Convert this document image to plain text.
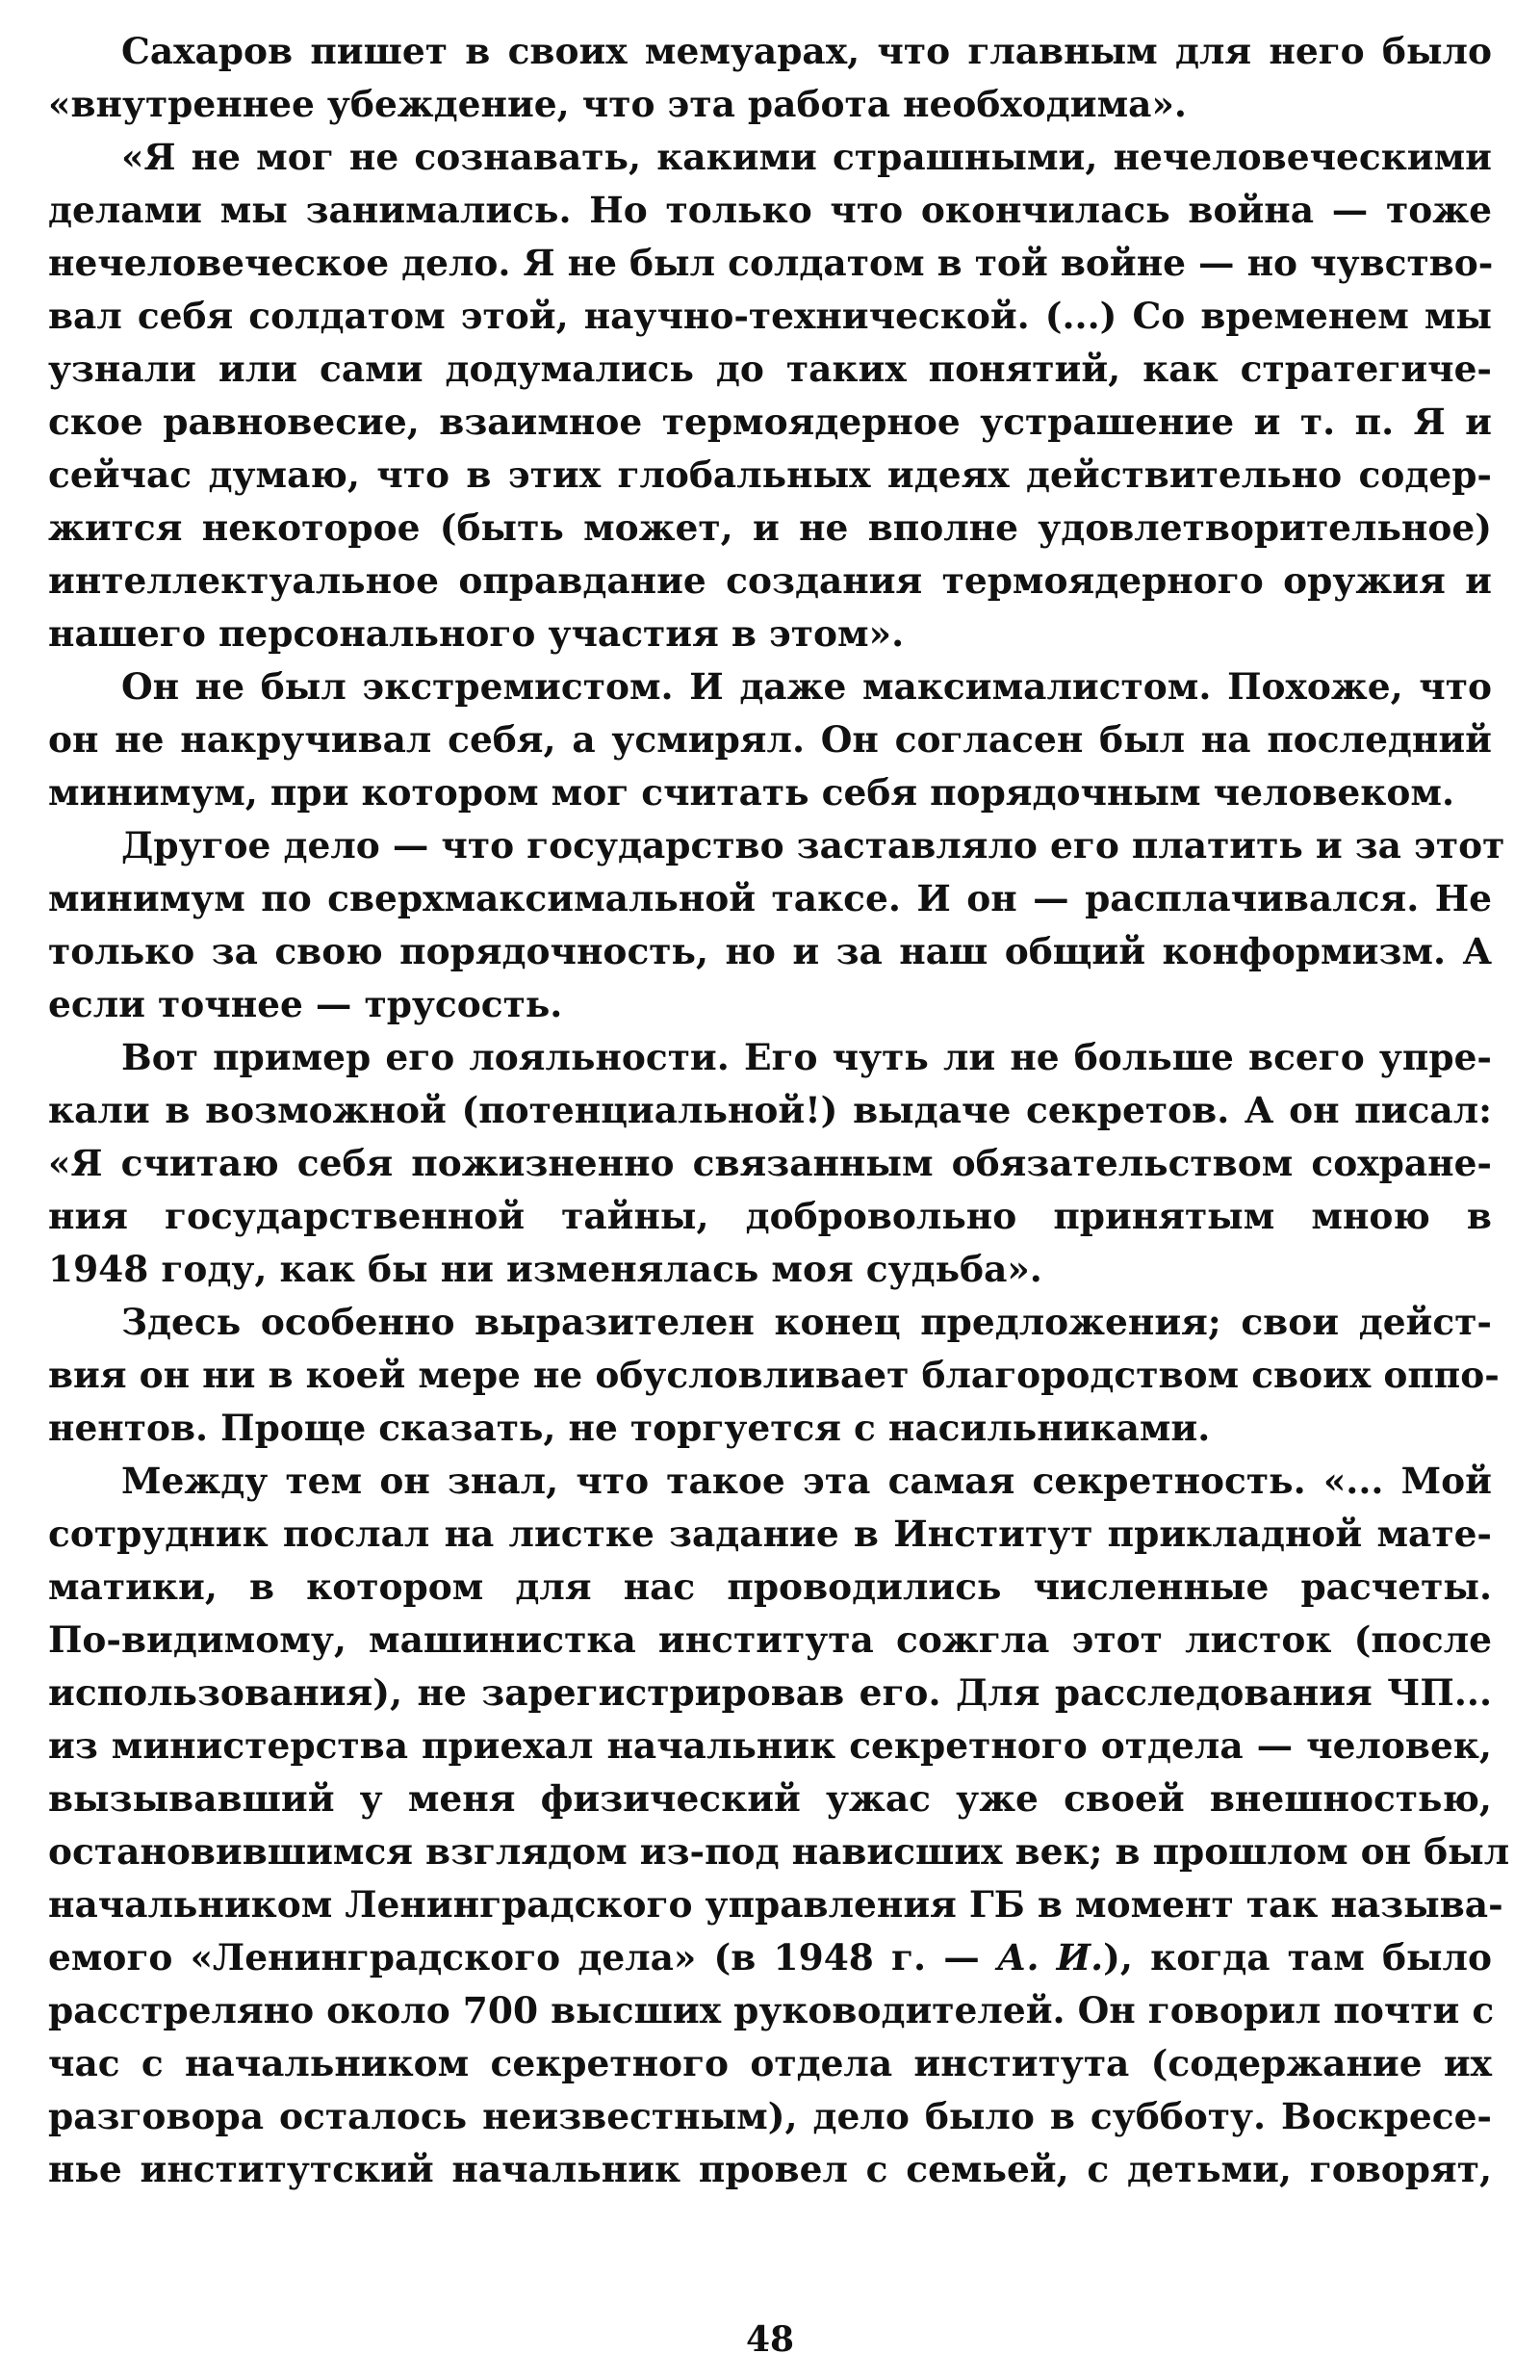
Сахаров пишет в своих мемуарах, что главным для него было
«внутреннее убеждение, что эта работа необходима».
«Я не мог не сознавать, какими страшными, нечеловеческими
делами мы занимались. Но только что окончилась война — тоже
нечеловеческое дело. Я не был солдатом в той войне — но чувство-
вал себя солдатом этой, научно-технической. (...) Со временем мы
узнали или сами додумались до таких понятий, как стратегиче-
ское равновесие, взаимное термоядерное устрашение и т. п. Я и
сейчас думаю, что в этих глобальных идеях действительно содер-
жится некоторое (быть может, и не вполне удовлетворительное)
интеллектуальное оправдание создания термоядерного оружия и
нашего персонального участия в этом».
Он не был экстремистом. И даже максималистом. Похоже, что
он не накручивал себя, а усмирял. Он согласен был на последний
минимум, при котором мог считать себя порядочным человеком.
Другое дело — что государство заставляло его платить и за этот
минимум по сверхмаксимальной таксе. И он — расплачивался. Не
только за свою порядочность, но и за наш общий конформизм. А
если точнее — трусость.
Вот пример его лояльности. Его чуть ли не больше всего упре-
кали в возможной (потенциальной!) выдаче секретов. А он писал:
«Я считаю себя пожизненно связанным обязательством сохране-
ния государственной тайны, добровольно принятым мною в
1948 году, как бы ни изменялась моя судьба».
Здесь особенно выразителен конец предложения; свои дейст-
вия он ни в коей мере не обусловливает благородством своих оппо-
нентов. Проще сказать, не торгуется с насильниками.
Между тем он знал, что такое эта самая секретность. «... Мой
сотрудник послал на листке задание в Институт прикладной мате-
матики, в котором для нас проводились численные расчеты.
По-видимому, машинистка института сожгла этот листок (после
использования), не зарегистрировав его. Для расследования ЧП...
из министерства приехал начальник секретного отдела — человек,
вызывавший у меня физический ужас уже своей внешностью,
остановившимся взглядом из-под нависших век; в прошлом он был
начальником Ленинградского управления ГБ в момент так называ-
емого «Ленинградского дела» (в 1948 г. — А. И.), когда там было
расстреляно около 700 высших руководителей. Он говорил почти с
час с начальником секретного отдела института (содержание их
разговора осталось неизвестным), дело было в субботу. Воскресе-
нье институтский начальник провел с семьей, с детьми, говорят,
48
